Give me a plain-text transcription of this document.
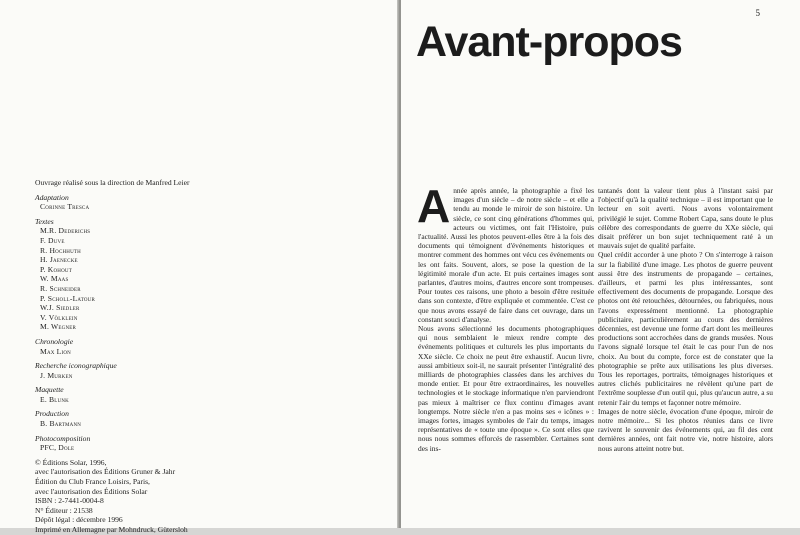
Ouvrage réalisé sous la direction de Manfred Leier

Adaptation
Corinne Tresca
Textes
M.R. Dederichs
F. Duve
R. Hochhuth
H. Jaenecke
P. Kohout
W. Maas
R. Schneider
P. Scholl-Latour
W.J. Siedler
V. Völklein
M. Wegner
Chronologie
Max Lion
Recherche iconographique
J. Murken
Maquette
E. Blunk
Production
B. Bartmann
Photocomposition
PFC, Dole
© Éditions Solar, 1996,
avec l'autorisation des Éditions Gruner & Jahr
Édition du Club France Loisirs, Paris,
avec l'autorisation des Éditions Solar
ISBN : 2-7441-0004-8
N° Éditeur : 21538
Dépôt légal : décembre 1996
Imprimé en Allemagne par Mohndruck, Gütersloh
5
Avant-propos

Année après année, la photographie a fixé les images d'un siècle – de notre siècle – et elle a tendu au monde le miroir de son histoire. Un siècle, ce sont cinq générations d'hommes qui, acteurs ou victimes, ont fait l'Histoire, puis l'actualité. Aussi les photos peuvent-elles être à la fois des documents qui témoignent d'événements historiques et montrer comment des hommes ont vécu ces événements ou les ont faits. Souvent, alors, se pose la question de la légitimité morale d'un acte. Et puis certaines images sont parlantes, d'autres moins, d'autres encore sont trompeuses. Pour toutes ces raisons, une photo a besoin d'être resituée dans son contexte, d'être expliquée et commentée. C'est ce que nous avons essayé de faire dans cet ouvrage, dans un constant souci d'analyse.

Nous avons sélectionné les documents photographiques qui nous semblaient le mieux rendre compte des événements politiques et culturels les plus importants du XXe siècle. Ce choix ne peut être exhaustif. Aucun livre, aussi ambitieux soit-il, ne saurait présenter l'intégralité des milliards de photographies classées dans les archives du monde entier. Et pour être extraordinaires, les nouvelles technologies et le stockage informatique n'en parviendront pas mieux à maîtriser ce flux continu d'images avant longtemps. Notre siècle n'en a pas moins ses « icônes » : images fortes, images symboles de l'air du temps, images représentatives de « toute une époque ». Ce sont elles que nous nous sommes efforcés de rassembler. Certaines sont des ins-

tantanés dont la valeur tient plus à l'instant saisi par l'objectif qu'à la qualité technique – il est important que le lecteur en soit averti. Nous avons volontairement privilégié le sujet. Comme Robert Capa, sans doute le plus célèbre des correspondants de guerre du XXe siècle, qui disait préférer un bon sujet techniquement raté à un mauvais sujet de qualité parfaite.

Quel crédit accorder à une photo ? On s'interroge à raison sur la fiabilité d'une image. Les photos de guerre peuvent aussi être des instruments de propagande – certaines, d'ailleurs, et parmi les plus intéressantes, sont effectivement des documents de propagande. Lorsque des photos ont été retouchées, détournées, ou fabriquées, nous l'avons expressément mentionné. La photographie publicitaire, particulièrement au cours des dernières décennies, est devenue une forme d'art dont les meilleures productions sont accrochées dans de grands musées. Nous l'avons signalé lorsque tel était le cas pour l'un de nos choix. Au bout du compte, force est de constater que la photographie se prête aux utilisations les plus diverses. Tous les reportages, portraits, témoignages historiques et autres clichés publicitaires ne révèlent qu'une part de l'extrême souplesse d'un outil qui, plus qu'aucun autre, a su retenir l'air du temps et façonner notre mémoire.

Images de notre siècle, évocation d'une époque, miroir de notre mémoire... Si les photos réunies dans ce livre ravivent le souvenir des événements qui, au fil des cent dernières années, ont fait notre vie, notre histoire, alors nous aurons atteint notre but.
